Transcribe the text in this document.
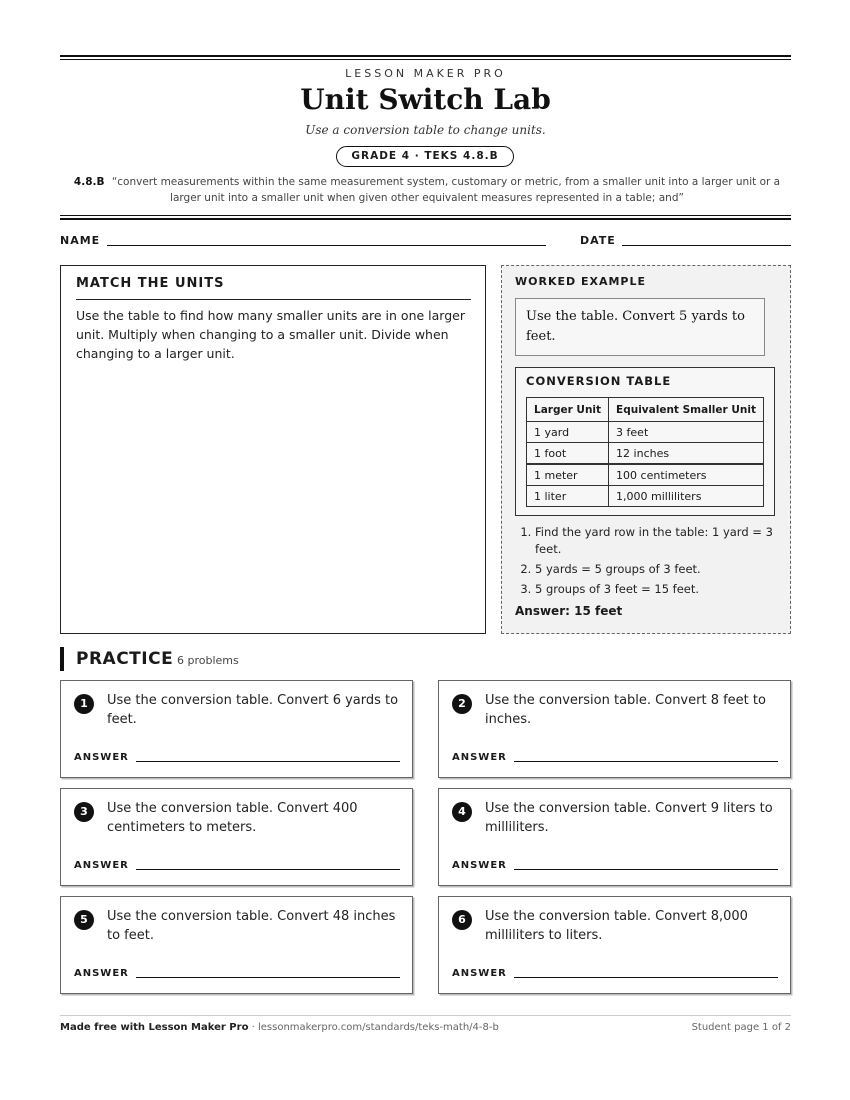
LESSON MAKER PRO
Unit Switch Lab
Use a conversion table to change units.
GRADE 4 · TEKS 4.8.B
4.8.B “convert measurements within the same measurement system, customary or metric, from a smaller unit into a larger unit or a larger unit into a smaller unit when given other equivalent measures represented in a table; and”
NAME	DATE
MATCH THE UNITS
Use the table to find how many smaller units are in one larger unit. Multiply when changing to a smaller unit. Divide when changing to a larger unit.
WORKED EXAMPLE
Use the table. Convert 5 yards to feet.
CONVERSION TABLE
Larger Unit	Equivalent Smaller Unit
1 yard	3 feet
1 foot	12 inches
1 meter	100 centimeters
1 liter	1,000 milliliters
1. Find the yard row in the table: 1 yard = 3 feet.
2. 5 yards = 5 groups of 3 feet.
3. 5 groups of 3 feet = 15 feet.
Answer: 15 feet
PRACTICE 6 problems
1	Use the conversion table. Convert 6 yards to feet.
ANSWER
2	Use the conversion table. Convert 8 feet to inches.
ANSWER
3	Use the conversion table. Convert 400 centimeters to meters.
ANSWER
4	Use the conversion table. Convert 9 liters to milliliters.
ANSWER
5	Use the conversion table. Convert 48 inches to feet.
ANSWER
6	Use the conversion table. Convert 8,000 milliliters to liters.
ANSWER
Made free with Lesson Maker Pro · lessonmakerpro.com/standards/teks-math/4-8-b	Student page 1 of 2
